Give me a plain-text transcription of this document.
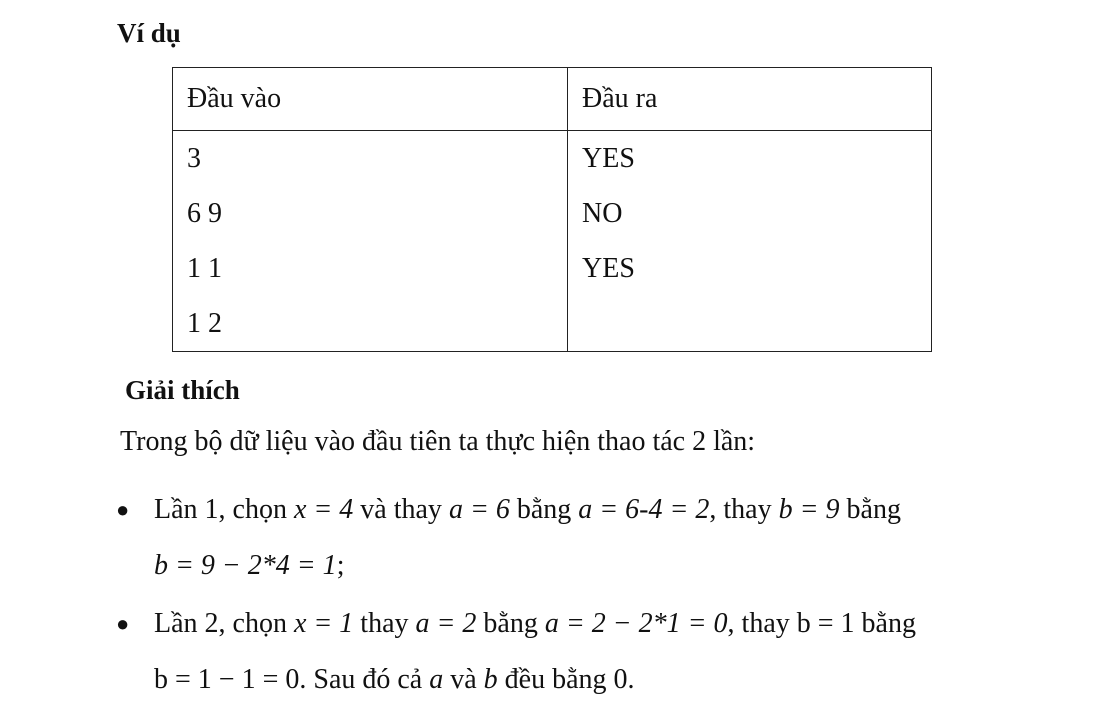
Ví dụ
Đầu vào	Đầu ra
3	YES
6 9	NO
1 1	YES
1 2	
Giải thích
Trong bộ dữ liệu vào đầu tiên ta thực hiện thao tác 2 lần:
● Lần 1, chọn x = 4 và thay a = 6 bằng a = 6-4 = 2, thay b = 9 bằng
b = 9 − 2*4 = 1;
● Lần 2, chọn x = 1 thay a = 2 bằng a = 2 − 2*1 = 0, thay b = 1 bằng
b = 1 − 1 = 0. Sau đó cả a và b đều bằng 0.
